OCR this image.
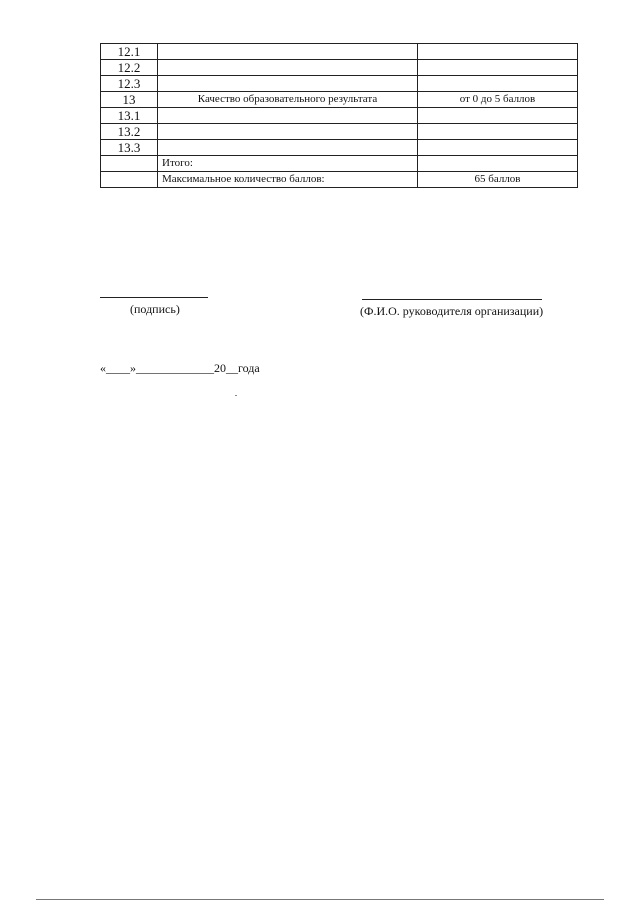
12.1		
12.2		
12.3		
13	Качество образовательного результата	от 0 до 5 баллов
13.1		
13.2		
13.3		
	Итого:	
	Максимальное количество баллов:	65 баллов
(подпись)	(Ф.И.О. руководителя организации)
«____»_____________20__года
